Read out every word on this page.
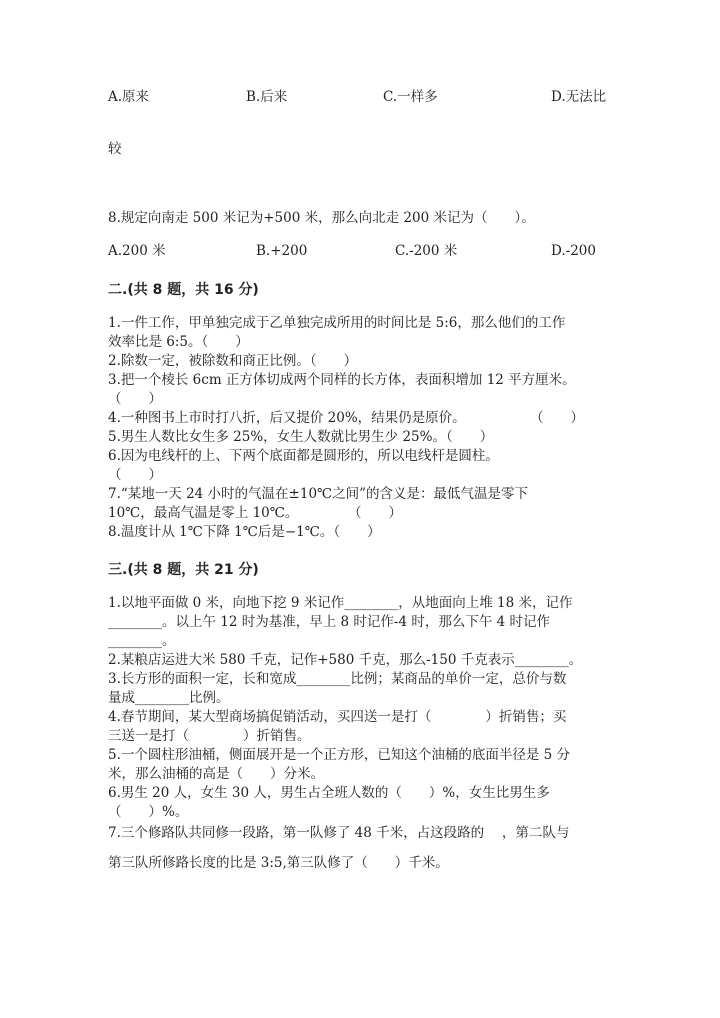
A.原来	B.后来	C.一样多	D.无法比
较
8.规定向南走 500 米记为+500 米，那么向北走 200 米记为（　　）。
A.200 米	B.+200	C.-200 米	D.-200
二.(共 8 题，共 16 分)
1.一件工作，甲单独完成于乙单独完成所用的时间比是 5:6，那么他们的工作
效率比是 6:5。（　　）
2.除数一定，被除数和商正比例。（　　）
3.把一个棱长 6cm 正方体切成两个同样的长方体，表面积增加 12 平方厘米。
（　　）
4.一种图书上市时打八折，后又提价 20%，结果仍是原价。	（　　）
5.男生人数比女生多 25%，女生人数就比男生少 25%。（　　）
6.因为电线杆的上、下两个底面都是圆形的，所以电线杆是圆柱。
（　　）
7.“某地一天 24 小时的气温在±10℃之间”的含义是：最低气温是零下
10℃，最高气温是零上 10℃。	（　　）
8.温度计从 1℃下降 1℃后是−1℃。（　　）
三.(共 8 题，共 21 分)
1.以地平面做 0 米，向地下挖 9 米记作________，从地面向上堆 18 米，记作
________。以上午 12 时为基准，早上 8 时记作-4 时，那么下午 4 时记作
________。
2.某粮店运进大米 580 千克，记作+580 千克，那么-150 千克表示________。
3.长方形的面积一定，长和宽成________比例；某商品的单价一定，总价与数
量成________比例。
4.春节期间，某大型商场搞促销活动，买四送一是打（　　　　）折销售；买
三送一是打（　　　　）折销售。
5.一个圆柱形油桶，侧面展开是一个正方形，已知这个油桶的底面半径是 5 分
米，那么油桶的高是（　　）分米。
6.男生 20 人，女生 30 人，男生占全班人数的（　　）%，女生比男生多
（　　）%。
7.三个修路队共同修一段路，第一队修了 48 千米，占这段路的　 ，第二队与
第三队所修路长度的比是 3:5,第三队修了（　　）千米。
